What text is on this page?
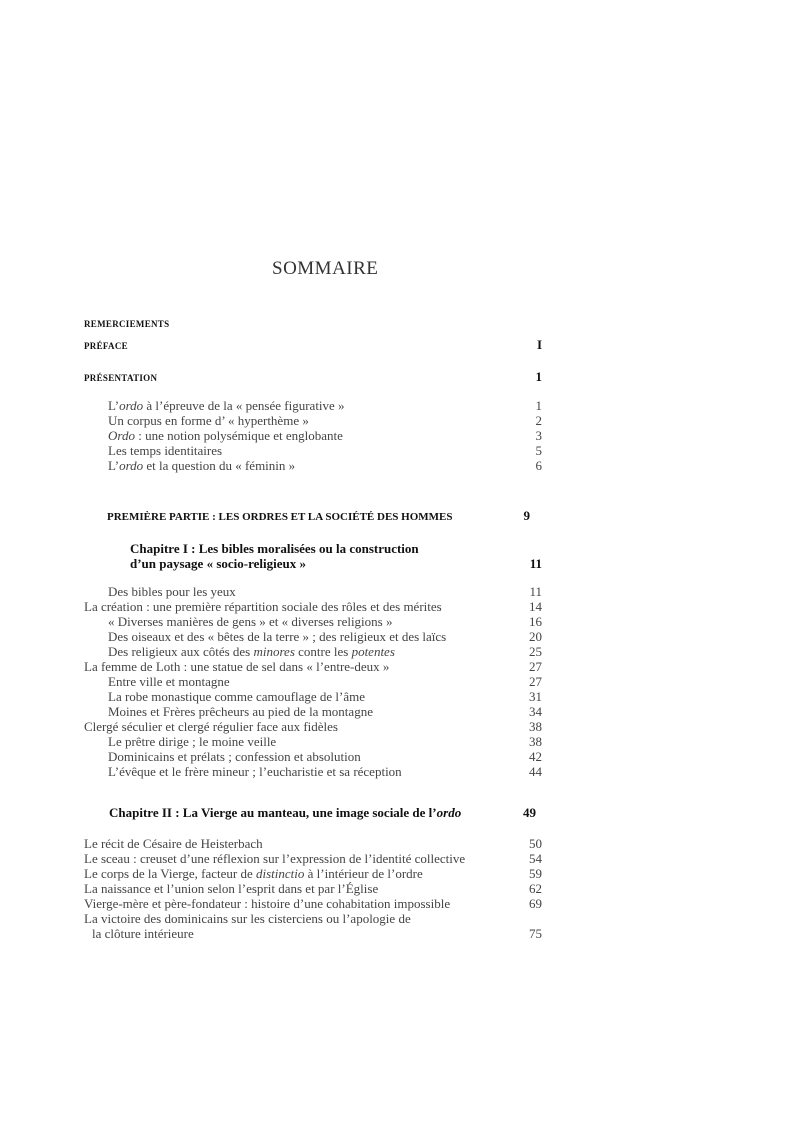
SOMMAIRE
REMERCIEMENTS
PRÉFACE	I
PRÉSENTATION	1
L’ordo à l’épreuve de la « pensée figurative »	1
Un corpus en forme d’ « hyperthème »	2
Ordo : une notion polysémique et englobante	3
Les temps identitaires	5
L’ordo et la question du « féminin »	6
PREMIÈRE PARTIE : LES ORDRES ET LA SOCIÉTÉ DES HOMMES	9
Chapitre I : Les bibles moralisées ou la construction
d’un paysage « socio-religieux »	11
Des bibles pour les yeux	11
La création : une première répartition sociale des rôles et des mérites	14
« Diverses manières de gens » et « diverses religions »	16
Des oiseaux et des « bêtes de la terre » ; des religieux et des laïcs	20
Des religieux aux côtés des minores contre les potentes	25
La femme de Loth : une statue de sel dans « l’entre-deux »	27
Entre ville et montagne	27
La robe monastique comme camouflage de l’âme	31
Moines et Frères prêcheurs au pied de la montagne	34
Clergé séculier et clergé régulier face aux fidèles	38
Le prêtre dirige ; le moine veille	38
Dominicains et prélats ; confession et absolution	42
L’évêque et le frère mineur ; l’eucharistie et sa réception	44
Chapitre II : La Vierge au manteau, une image sociale de l’ordo	49
Le récit de Césaire de Heisterbach	50
Le sceau : creuset d’une réflexion sur l’expression de l’identité collective	54
Le corps de la Vierge, facteur de distinctio à l’intérieur de l’ordre	59
La naissance et l’union selon l’esprit dans et par l’Église	62
Vierge-mère et père-fondateur : histoire d’une cohabitation impossible	69
La victoire des dominicains sur les cisterciens ou l’apologie de
la clôture intérieure	75
